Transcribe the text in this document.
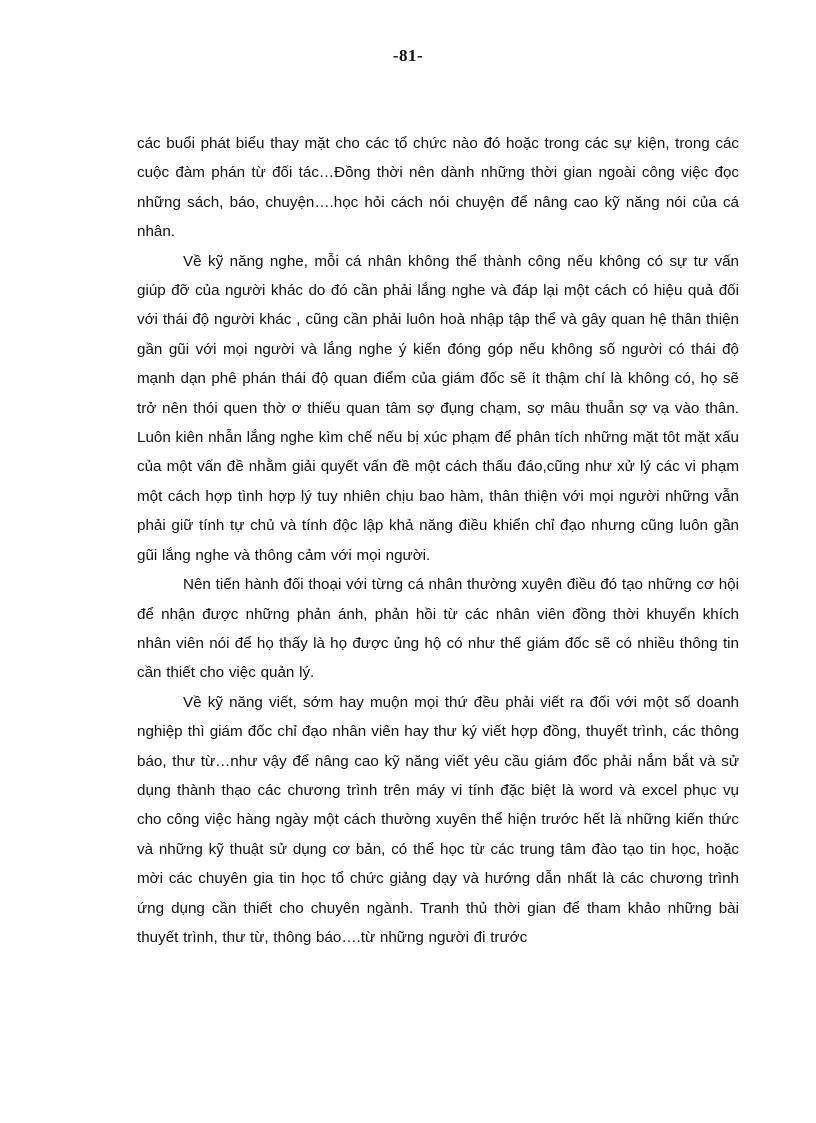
-81-

các buổi phát biểu thay mặt cho các tổ chức nào đó hoặc trong các sự kiện, trong các cuộc đàm phán từ đối tác…Đồng thời nên dành những thời gian ngoài công việc đọc những sách, báo, chuyện….học hỏi cách nói chuyện để nâng cao kỹ năng nói của cá nhân.

Về kỹ năng nghe, mỗi cá nhân không thể thành công nếu không có sự tư vấn giúp đỡ của người khác do đó cần phải lắng nghe và đáp lại một cách có hiệu quả đối với thái độ người khác , cũng cần phải luôn hoà nhập tập thể và gây quan hệ thân thiện gần gũi với mọi người và lắng nghe ý kiến đóng góp nếu không số người có thái độ mạnh dạn phê phán thái độ quan điểm của giám đốc sẽ ít thậm chí là không có, họ sẽ trở nên thói quen thờ ơ thiếu quan tâm sợ đụng chạm, sợ mâu thuẫn sợ vạ vào thân. Luôn kiên nhẫn lắng nghe kìm chế nếu bị xúc phạm để phân tích những mặt tôt mặt xấu của một vấn đề nhằm giải quyết vấn đề một cách thấu đáo,cũng như xử lý các vi phạm một cách hợp tình hợp lý tuy nhiên chịu bao hàm, thân thiện với mọi người những vẫn phải giữ tính tự chủ và tính độc lập khả năng điều khiển chỉ đạo nhưng cũng luôn gần gũi lắng nghe và thông cảm với mọi người.

Nên tiến hành đối thoại với từng cá nhân thường xuyên điều đó tạo những cơ hội để nhận được những phản ánh, phản hồi từ các nhân viên đồng thời khuyến khích nhân viên nói để họ thấy là họ được ủng hộ có như thế giám đốc sẽ có nhiều thông tin cần thiết cho việc quản lý.

Về kỹ năng viết, sớm hay muộn mọi thứ đều phải viết ra đối với một số doanh nghiệp thì giám đốc chỉ đạo nhân viên hay thư ký viết hợp đồng, thuyết trình, các thông báo, thư từ…như vậy để nâng cao kỹ năng viết yêu cầu giám đốc phải nắm bắt và sử dụng thành thạo các chương trình trên máy vi tính đặc biệt là word và excel phục vụ cho công việc hàng ngày một cách thường xuyên thể hiện trước hết là những kiến thức và những kỹ thuật sử dụng cơ bản, có thể học từ các trung tâm đào tạo tin học, hoặc mời các chuyên gia tin học tổ chức giảng dạy và hướng dẫn nhất là các chương trình ứng dụng cần thiết cho chuyên ngành. Tranh thủ thời gian để tham khảo những bài thuyết trình, thư từ, thông báo….từ những người đi trước
